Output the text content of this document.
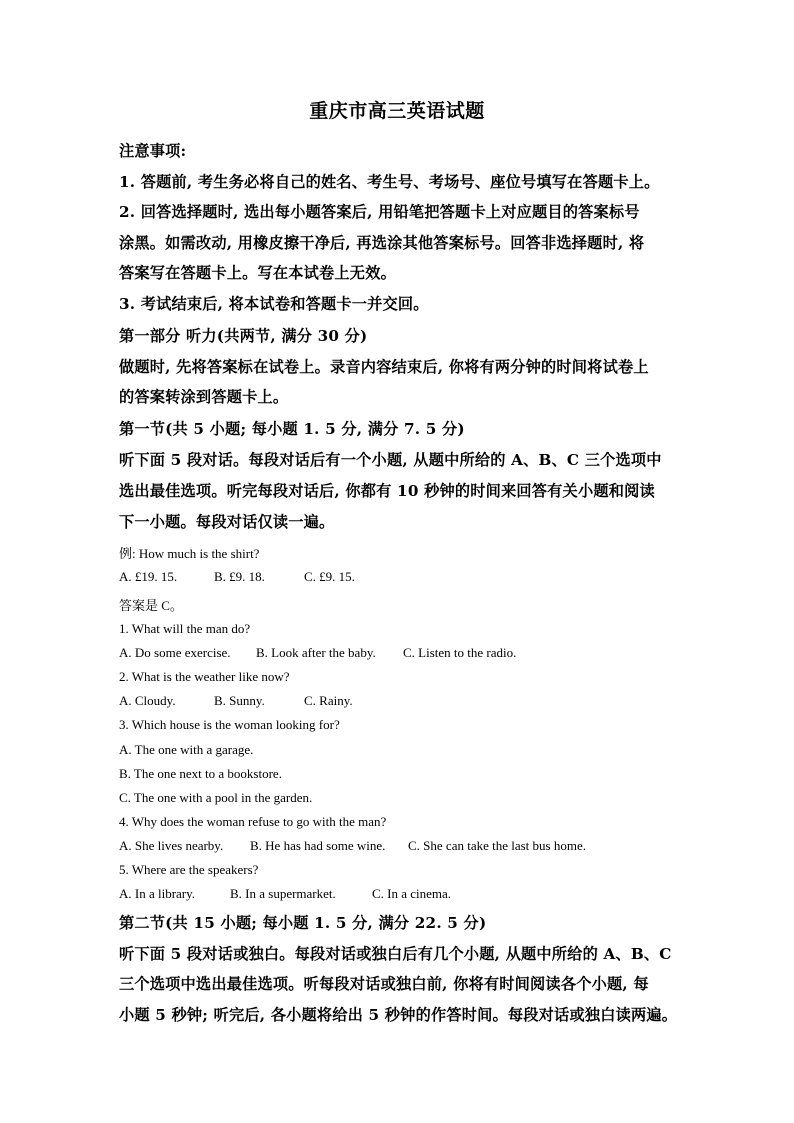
重庆市高三英语试题
注意事项:
1. 答题前, 考生务必将自己的姓名、考生号、考场号、座位号填写在答题卡上。
2. 回答选择题时, 选出每小题答案后, 用铅笔把答题卡上对应题目的答案标号
涂黑。如需改动, 用橡皮擦干净后, 再选涂其他答案标号。回答非选择题时, 将
答案写在答题卡上。写在本试卷上无效。
3. 考试结束后, 将本试卷和答题卡一并交回。
第一部分 听力(共两节, 满分 30 分)
做题时, 先将答案标在试卷上。录音内容结束后, 你将有两分钟的时间将试卷上
的答案转涂到答题卡上。
第一节(共 5 小题; 每小题 1. 5 分, 满分 7. 5 分)
听下面 5 段对话。每段对话后有一个小题, 从题中所给的 A、B、C 三个选项中
选出最佳选项。听完每段对话后, 你都有 10 秒钟的时间来回答有关小题和阅读
下一小题。每段对话仅读一遍。
例: How much is the shirt?
A. £19. 15.	B. £9. 18.	C. £9. 15.
答案是 C。
1. What will the man do?
A. Do some exercise. B. Look after the baby. C. Listen to the radio.
2. What is the weather like now?
A. Cloudy.	B. Sunny.	C. Rainy.
3. Which house is the woman looking for?
A. The one with a garage.
B. The one next to a bookstore.
C. The one with a pool in the garden.
4. Why does the woman refuse to go with the man?
A. She lives nearby. B. He has had some wine. C. She can take the last bus home.
5. Where are the speakers?
A. In a library.	B. In a supermarket.	C. In a cinema.
第二节(共 15 小题; 每小题 1. 5 分, 满分 22. 5 分)
听下面 5 段对话或独白。每段对话或独白后有几个小题, 从题中所给的 A、B、C
三个选项中选出最佳选项。听每段对话或独白前, 你将有时间阅读各个小题, 每
小题 5 秒钟; 听完后, 各小题将给出 5 秒钟的作答时间。每段对话或独白读两遍。
